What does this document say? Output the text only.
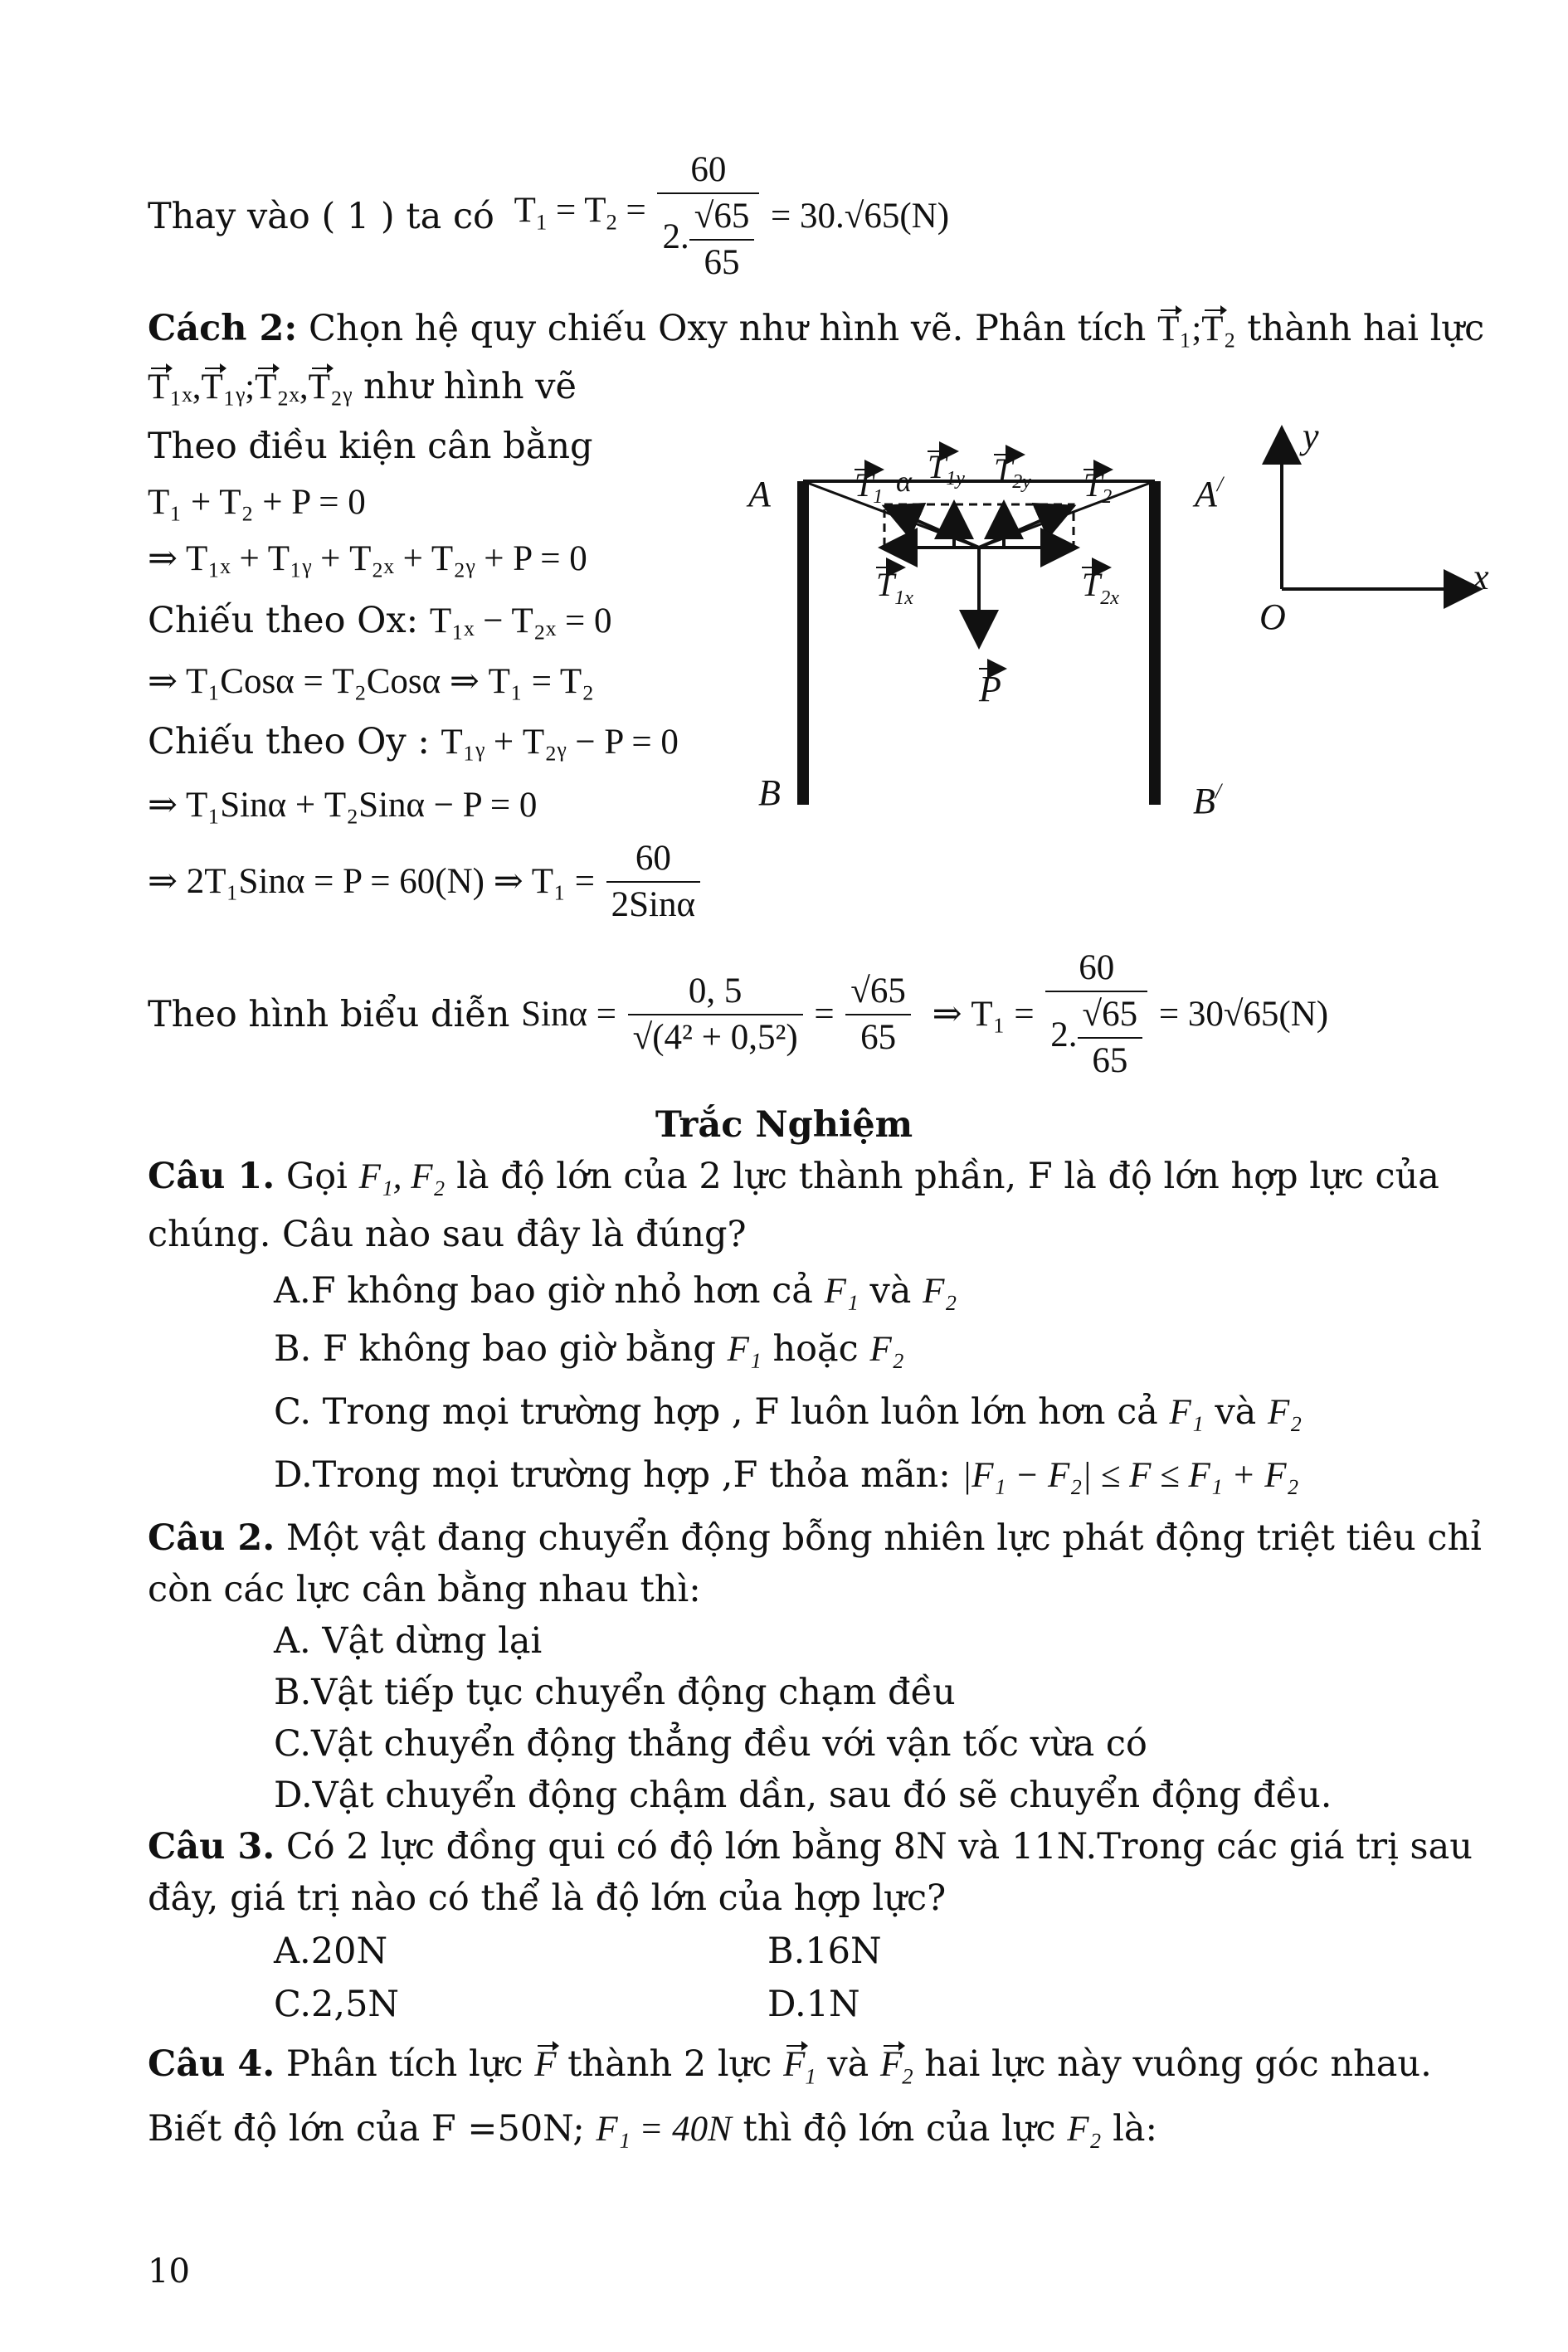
Thay vào ( 1 ) ta có $T_1 = T_2 = \frac{60}{2. \frac{√65}{65}} = 30.√65(N)$
Cách 2: Chọn hệ quy chiếu Oxy như hình vẽ. Phân tích T₁;T₂ thành hai lực
T₁ₓ,T₁ᵧ;T₂ₓ,T₂ᵧ như hình vẽ
Theo điều kiện cân bằng
T₁ + T₂ + P = 0
⇒ T₁ₓ + T₁ᵧ + T₂ₓ + T₂ᵧ + P = 0
Chiếu theo Ox: T₁ₓ − T₂ₓ = 0
⇒ T₁Cosα = T₂Cosα ⇒ T₁ = T₂
Chiếu theo Oy : T₁ᵧ + T₂ᵧ − P = 0
⇒ T₁Sinα + T₂Sinα − P = 0
⇒ 2T₁Sinα = P = 60(N) ⇒ $T_1 = \frac{60}{\text{2Sinα}}$
Theo hình biểu diễn $Sin\alpha = \frac{0, 5}{\text{√(4² + 0,5²)}} = \frac{√65}{65}$ ⇒ $T_1 = \frac{60}{2. \frac{√65}{65}} = 30√65(N)$
A	A/
B	B/
$T_1$ α $T_{1y}$ $T_{2y}$ $T_2$
$T_{1x}$	$T_{2x}$
P
y
x
O
Trắc Nghiệm
Câu 1. Gọi F₁, F₂ là độ lớn của 2 lực thành phần, F là độ lớn hợp lực của
chúng. Câu nào sau đây là đúng?
A.F không bao giờ nhỏ hơn cả F₁ và F₂
B. F không bao giờ bằng F₁ hoặc F₂
C. Trong mọi trường hợp , F luôn luôn lớn hơn cả F₁ và F₂
D.Trong mọi trường hợp ,F thỏa mãn: |F₁ − F₂| ≤ F ≤ F₁ + F₂
Câu 2. Một vật đang chuyển động bỗng nhiên lực phát động triệt tiêu chỉ
còn các lực cân bằng nhau thì:
A. Vật dừng lại
B.Vật tiếp tục chuyển động chạm đều
C.Vật chuyển động thẳng đều với vận tốc vừa có
D.Vật chuyển động chậm dần, sau đó sẽ chuyển động đều.
Câu 3. Có 2 lực đồng qui có độ lớn bằng 8N và 11N.Trong các giá trị sau
đây, giá trị nào có thể là độ lớn của hợp lực?
A.20N	B.16N
C.2,5N	D.1N
Câu 4. Phân tích lực F thành 2 lực $F_1$ và $F_2$ hai lực này vuông góc nhau.
Biết độ lớn của F =50N; F₁ = 40N thì độ lớn của lực F₂ là:
10
